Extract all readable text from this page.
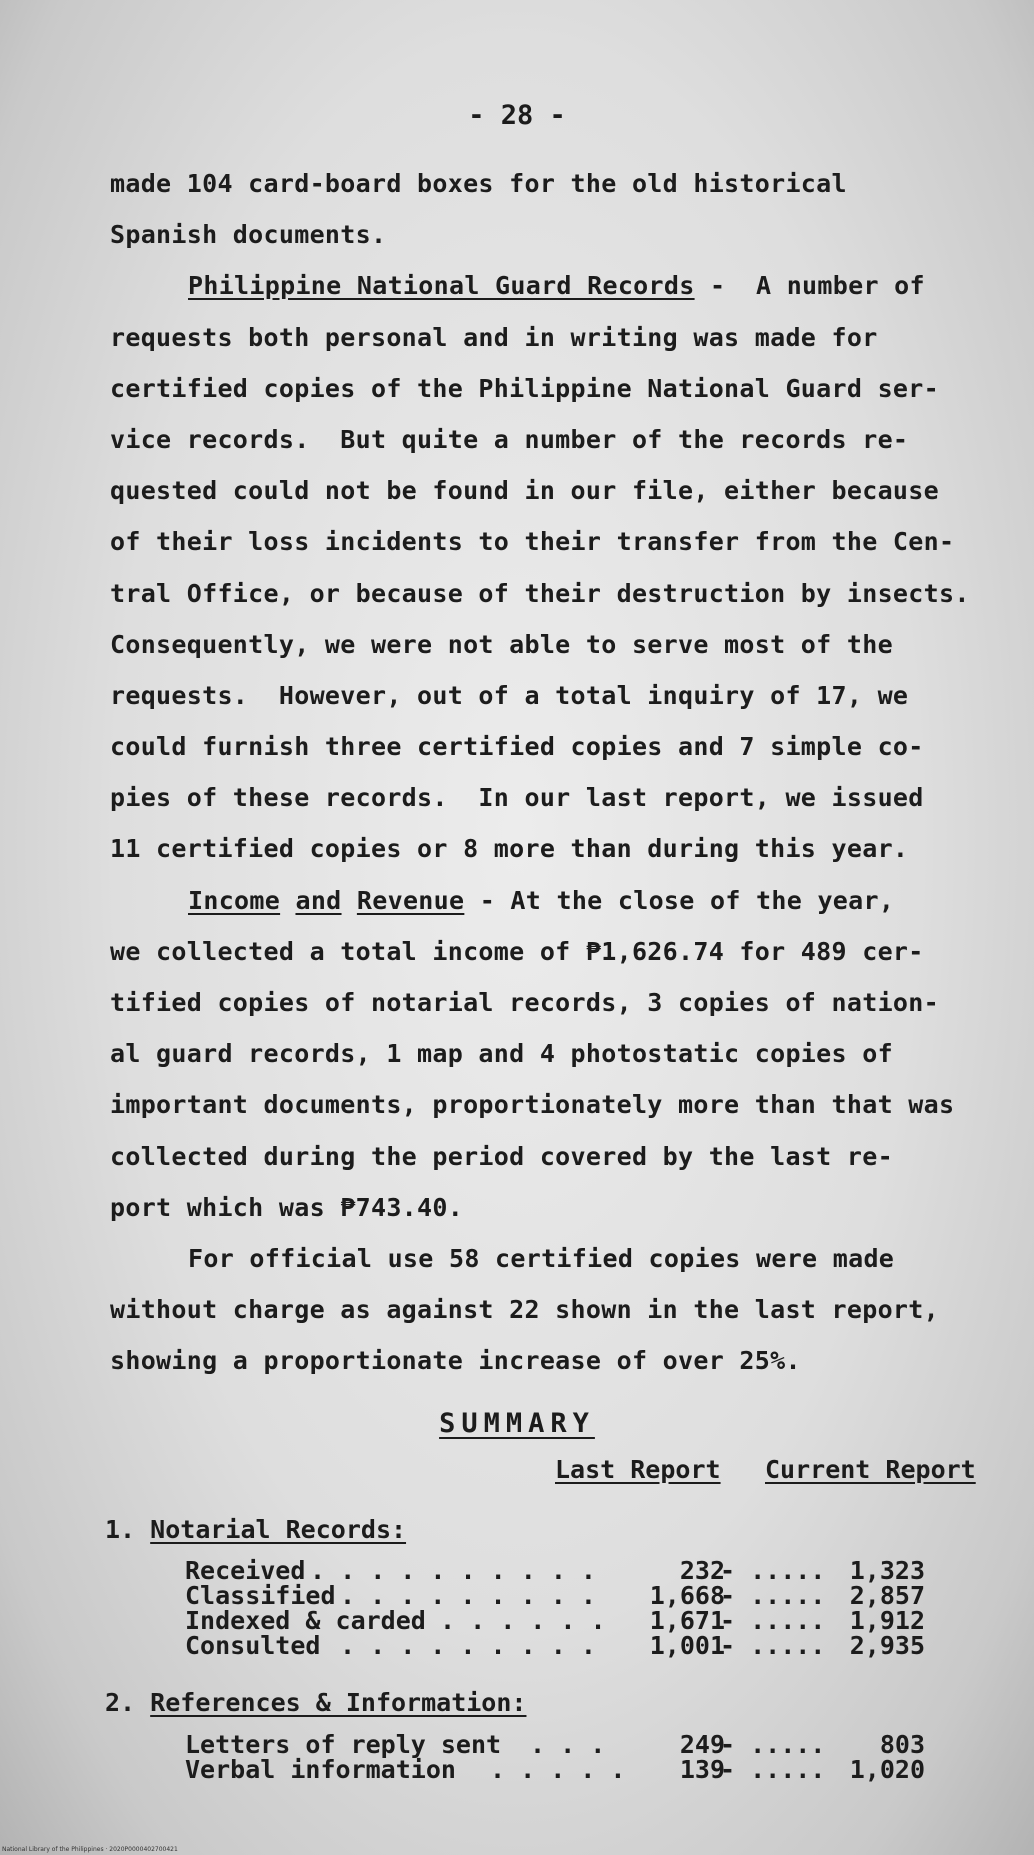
- 28 -
made 104 card-board boxes for the old historical
Spanish documents.
Philippine National Guard Records -  A number of
requests both personal and in writing was made for
certified copies of the Philippine National Guard ser-
vice records.  But quite a number of the records re-
quested could not be found in our file, either because
of their loss incidents to their transfer from the Cen-
tral Office, or because of their destruction by insects.
Consequently, we were not able to serve most of the
requests.  However, out of a total inquiry of 17, we
could furnish three certified copies and 7 simple co-
pies of these records.  In our last report, we issued
11 certified copies or 8 more than during this year.
Income and Revenue - At the close of the year,
we collected a total income of ₱1,626.74 for 489 cer-
tified copies of notarial records, 3 copies of nation-
al guard records, 1 map and 4 photostatic copies of
important documents, proportionately more than that was
collected during the period covered by the last re-
port which was ₱743.40.
For official use 58 certified copies were made
without charge as against 22 shown in the last report,
showing a proportionate increase of over 25%.
SUMMARY
Last Report Current Report
1. Notarial Records:
Received . . . . . . . . . .	232
- ..... 1,323
Classified . . . . . . . . . 1,668
- ..... 2,857
Indexed & carded . . . . . . 1,671
- ..... 1,912
Consulted . . . . . . . . . 1,001
- ..... 2,935
2. References & Information:
Letters of reply sent . . .	249
- ..... 803
Verbal information . . . . . 139
- ..... 1,020
National Library of the Philippines · 2020P000040270042​1
